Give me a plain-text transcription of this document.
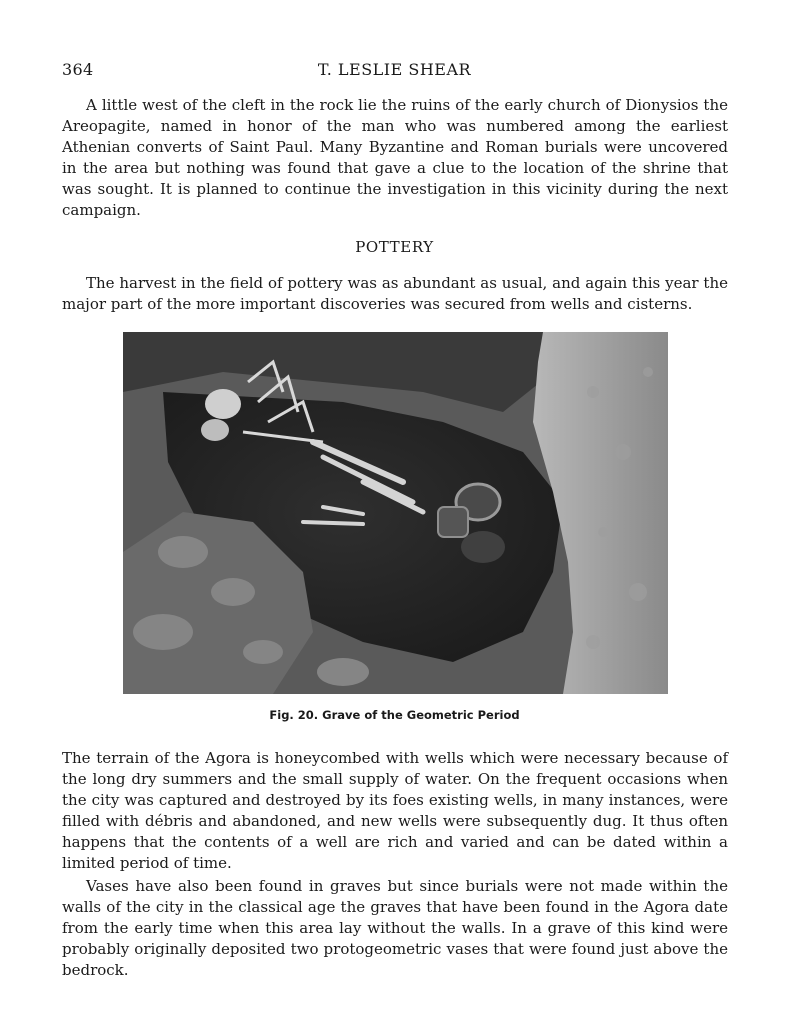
364	T. LESLIE SHEAR

A little west of the cleft in the rock lie the ruins of the early church of Dionysios the Areopagite, named in honor of the man who was numbered among the earliest Athenian converts of Saint Paul. Many Byzantine and Roman burials were uncovered in the area but nothing was found that gave a clue to the location of the shrine that was sought. It is planned to continue the investigation in this vicinity during the next campaign.

POTTERY

The harvest in the field of pottery was as abundant as usual, and again this year the major part of the more important discoveries was secured from wells and cisterns.

Fig. 20. Grave of the Geometric Period

The terrain of the Agora is honeycombed with wells which were necessary because of the long dry summers and the small supply of water. On the frequent occasions when the city was captured and destroyed by its foes existing wells, in many instances, were filled with débris and abandoned, and new wells were subsequently dug. It thus often happens that the contents of a well are rich and varied and can be dated within a limited period of time.

Vases have also been found in graves but since burials were not made within the walls of the city in the classical age the graves that have been found in the Agora date from the early time when this area lay without the walls. In a grave of this kind were probably originally deposited two protogeometric vases that were found just above the bedrock.
